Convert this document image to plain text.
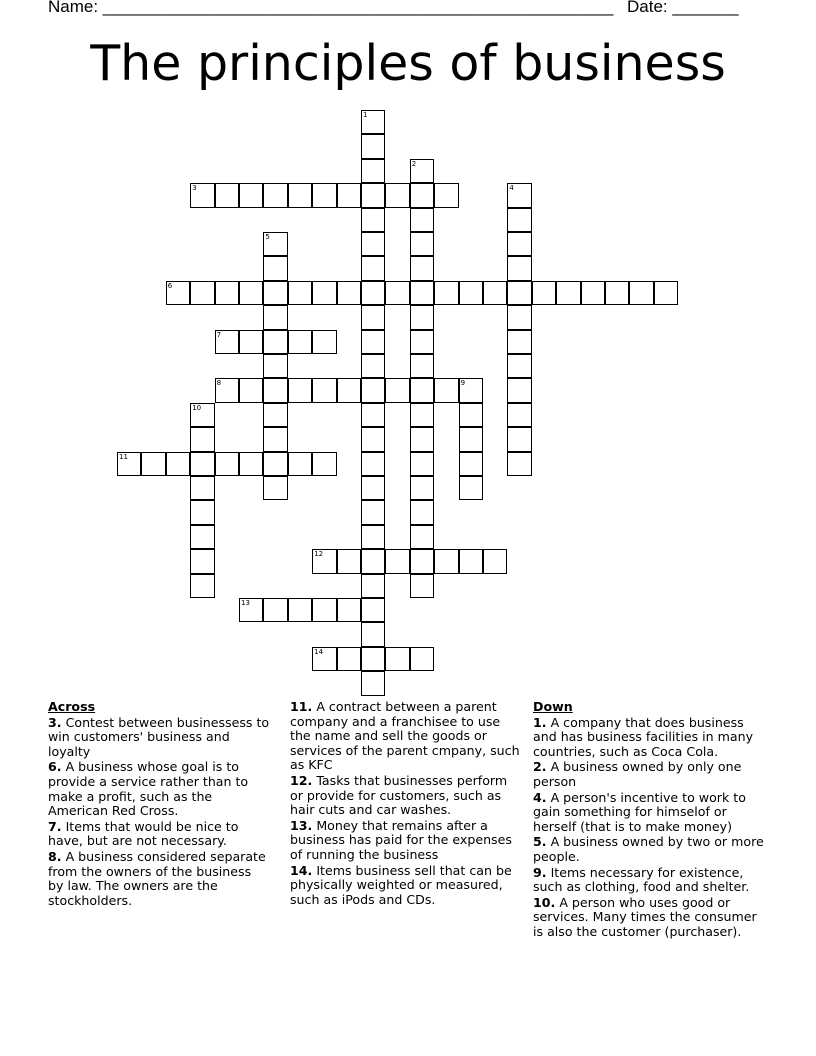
Name: ______________________________________________________ Date: _______
The principles of business
1
2
3	4
5
6
7
8	9
10
11
12
13
14
Across
3. Contest between businessess to win customers' business and loyalty
6. A business whose goal is to provide a service rather than to make a profit, such as the American Red Cross.
7. Items that would be nice to have, but are not necessary.
8. A business considered separate from the owners of the business by law. The owners are the stockholders.
11. A contract between a parent company and a franchisee to use the name and sell the goods or services of the parent cmpany, such as KFC
12. Tasks that businesses perform or provide for customers, such as hair cuts and car washes.
13. Money that remains after a business has paid for the expenses of running the business
14. Items business sell that can be physically weighted or measured, such as iPods and CDs.
Down
1. A company that does business and has business facilities in many countries, such as Coca Cola.
2. A business owned by only one person
4. A person's incentive to work to gain something for himselof or herself (that is to make money)
5. A business owned by two or more people.
9. Items necessary for existence, such as clothing, food and shelter.
10. A person who uses good or services. Many times the consumer is also the customer (purchaser).
